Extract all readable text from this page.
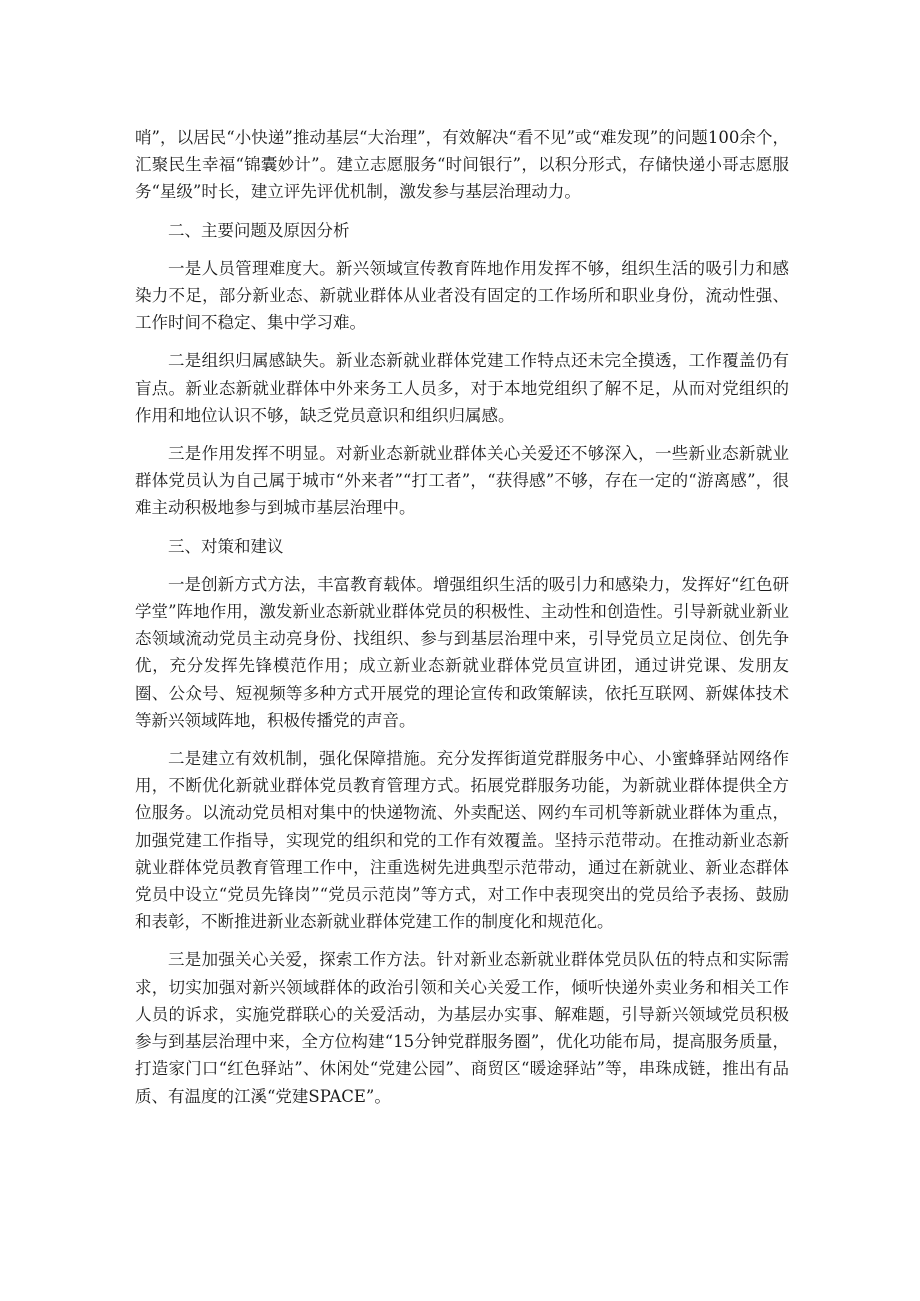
哨”，以居民“小快递”推动基层“大治理”，有效解决“看不见”或“难发现”的问题100余个，汇聚民生幸福“锦囊妙计”。建立志愿服务“时间银行”，以积分形式，存储快递小哥志愿服务“星级”时长，建立评先评优机制，激发参与基层治理动力。

二、主要问题及原因分析

一是人员管理难度大。新兴领域宣传教育阵地作用发挥不够，组织生活的吸引力和感染力不足，部分新业态、新就业群体从业者没有固定的工作场所和职业身份，流动性强、工作时间不稳定、集中学习难。

二是组织归属感缺失。新业态新就业群体党建工作特点还未完全摸透，工作覆盖仍有盲点。新业态新就业群体中外来务工人员多，对于本地党组织了解不足，从而对党组织的作用和地位认识不够，缺乏党员意识和组织归属感。

三是作用发挥不明显。对新业态新就业群体关心关爱还不够深入，一些新业态新就业群体党员认为自己属于城市“外来者”“打工者”，“获得感”不够，存在一定的“游离感”，很难主动积极地参与到城市基层治理中。

三、对策和建议

一是创新方式方法，丰富教育载体。增强组织生活的吸引力和感染力，发挥好“红色研学堂”阵地作用，激发新业态新就业群体党员的积极性、主动性和创造性。引导新就业新业态领域流动党员主动亮身份、找组织、参与到基层治理中来，引导党员立足岗位、创先争优，充分发挥先锋模范作用；成立新业态新就业群体党员宣讲团，通过讲党课、发朋友圈、公众号、短视频等多种方式开展党的理论宣传和政策解读，依托互联网、新媒体技术等新兴领域阵地，积极传播党的声音。

二是建立有效机制，强化保障措施。充分发挥街道党群服务中心、小蜜蜂驿站网络作用，不断优化新就业群体党员教育管理方式。拓展党群服务功能，为新就业群体提供全方位服务。以流动党员相对集中的快递物流、外卖配送、网约车司机等新就业群体为重点，加强党建工作指导，实现党的组织和党的工作有效覆盖。坚持示范带动。在推动新业态新就业群体党员教育管理工作中，注重选树先进典型示范带动，通过在新就业、新业态群体党员中设立“党员先锋岗”“党员示范岗”等方式，对工作中表现突出的党员给予表扬、鼓励和表彰，不断推进新业态新就业群体党建工作的制度化和规范化。

三是加强关心关爱，探索工作方法。针对新业态新就业群体党员队伍的特点和实际需求，切实加强对新兴领域群体的政治引领和关心关爱工作，倾听快递外卖业务和相关工作人员的诉求，实施党群联心的关爱活动，为基层办实事、解难题，引导新兴领域党员积极参与到基层治理中来，全方位构建“15分钟党群服务圈”，优化功能布局，提高服务质量，打造家门口“红色驿站”、休闲处“党建公园”、商贸区“暖途驿站”等，串珠成链，推出有品质、有温度的江溪“党建SPACE”。
